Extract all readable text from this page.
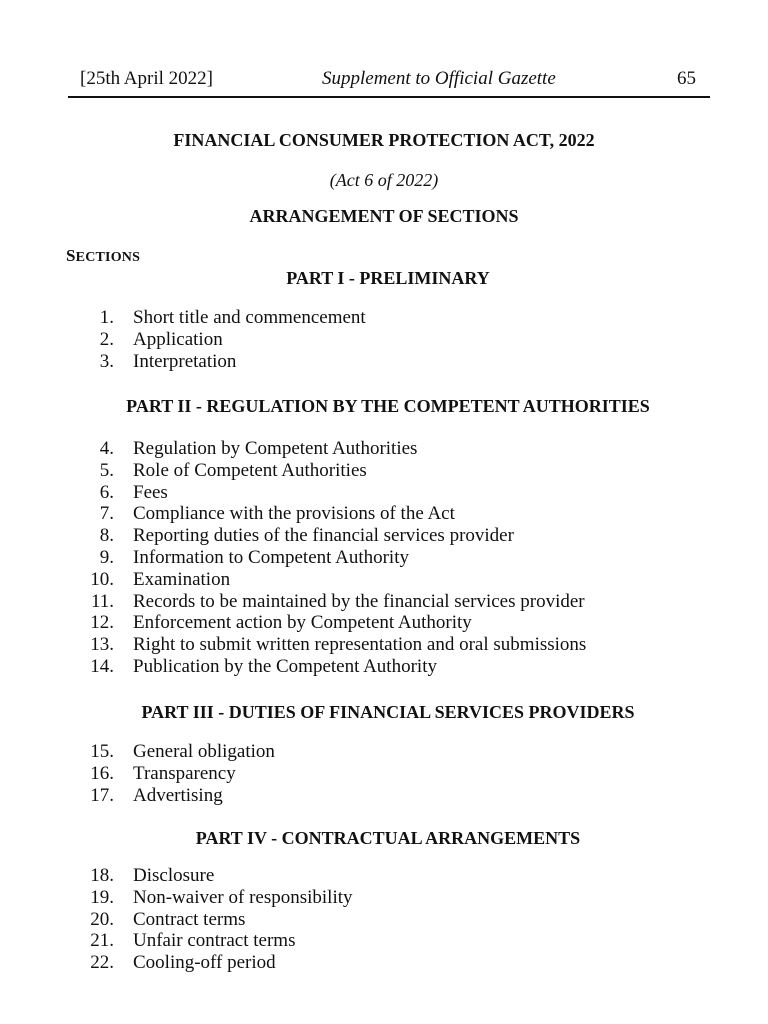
[25th April 2022]	Supplement to Official Gazette	65
FINANCIAL CONSUMER PROTECTION ACT, 2022
(Act 6 of 2022)
ARRANGEMENT OF SECTIONS
SECTIONS
PART I - PRELIMINARY
1. Short title and commencement
2. Application
3. Interpretation
PART II - REGULATION BY THE COMPETENT AUTHORITIES
4. Regulation by Competent Authorities
5. Role of Competent Authorities
6. Fees
7. Compliance with the provisions of the Act
8. Reporting duties of the financial services provider
9. Information to Competent Authority
10. Examination
11. Records to be maintained by the financial services provider
12. Enforcement action by Competent Authority
13. Right to submit written representation and oral submissions
14. Publication by the Competent Authority
PART III - DUTIES OF FINANCIAL SERVICES PROVIDERS
15. General obligation
16. Transparency
17. Advertising
PART IV - CONTRACTUAL ARRANGEMENTS
18. Disclosure
19. Non-waiver of responsibility
20. Contract terms
21. Unfair contract terms
22. Cooling-off period
